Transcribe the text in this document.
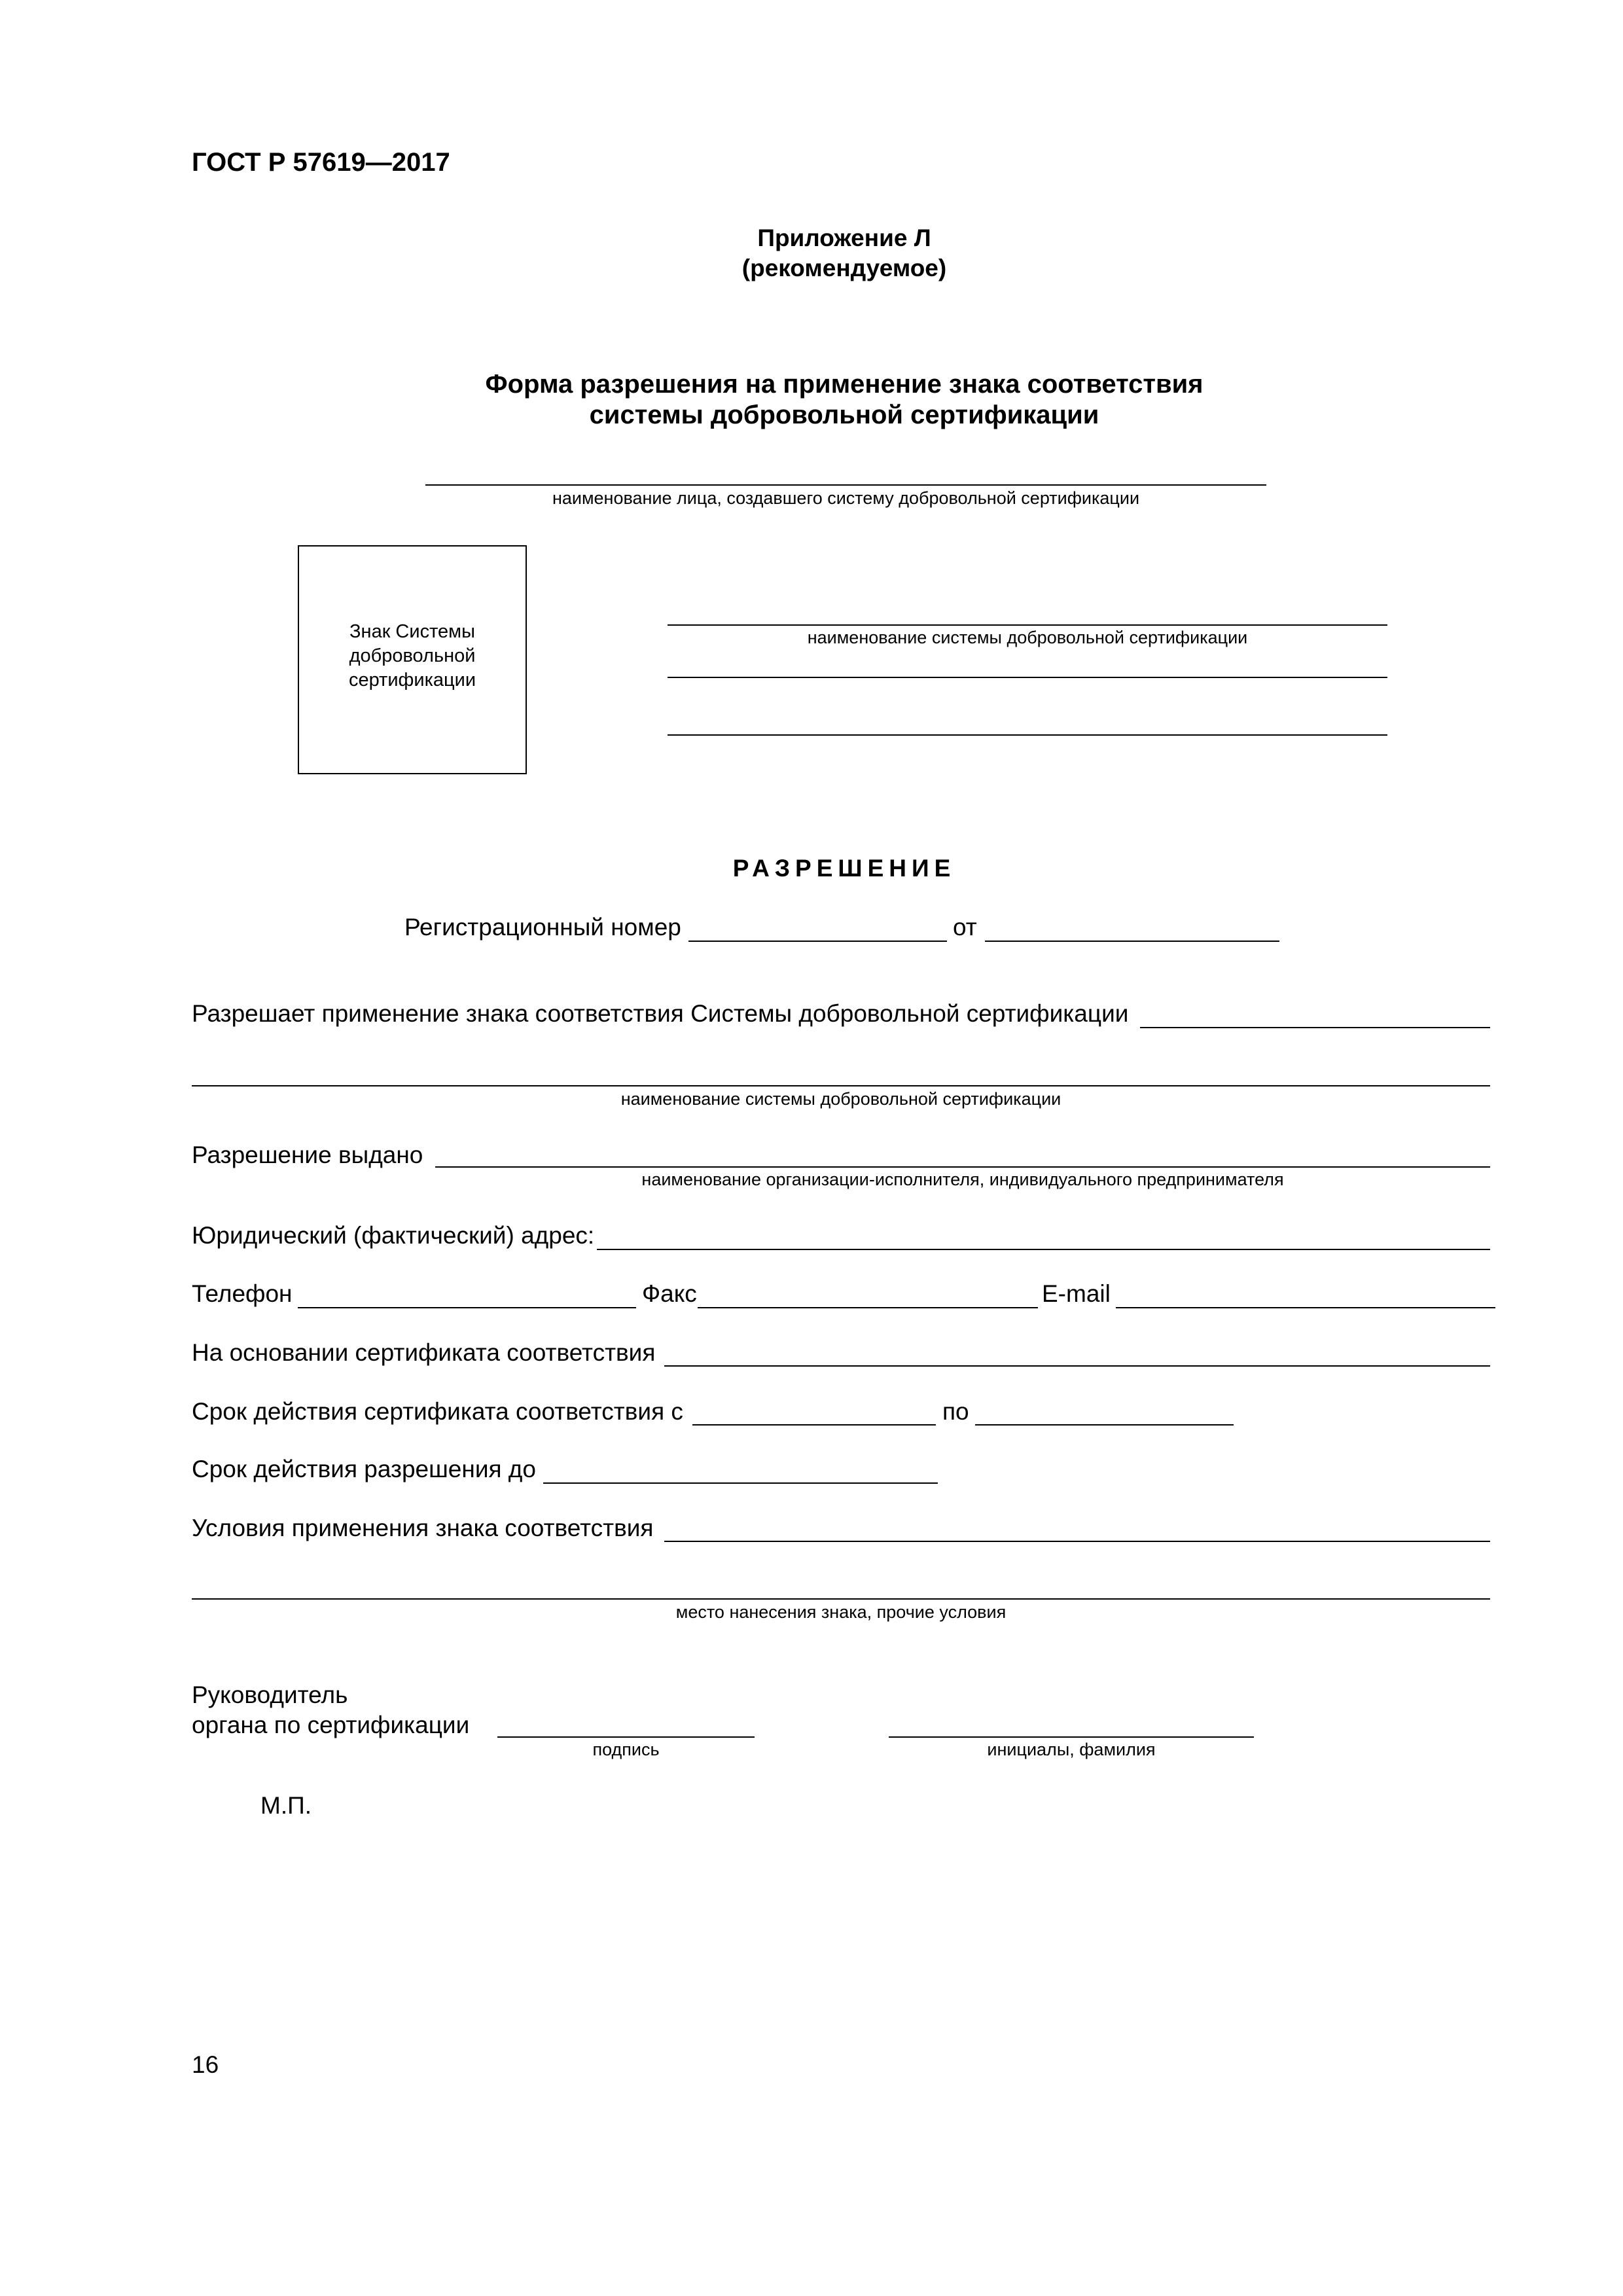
ГОСТ Р 57619—2017
Приложение Л
(рекомендуемое)
Форма разрешения на применение знака соответствия
системы добровольной сертификации
наименование лица, создавшего систему добровольной сертификации
Знак Системы
добровольной
сертификации
наименование системы добровольной сертификации
РАЗРЕШЕНИЕ
Регистрационный номер	от
Разрешает применение знака соответствия Системы добровольной сертификации
наименование системы добровольной сертификации
Разрешение выдано
наименование организации-исполнителя, индивидуального предпринимателя
Юридический (фактический) адрес:
Телефон	Факс	E-mail
На основании сертификата соответствия
Срок действия сертификата соответствия с	по
Срок действия разрешения до
Условия применения знака соответствия
место нанесения знака, прочие условия
Руководитель
органа по сертификации
подпись	инициалы, фамилия
М.П.
16
